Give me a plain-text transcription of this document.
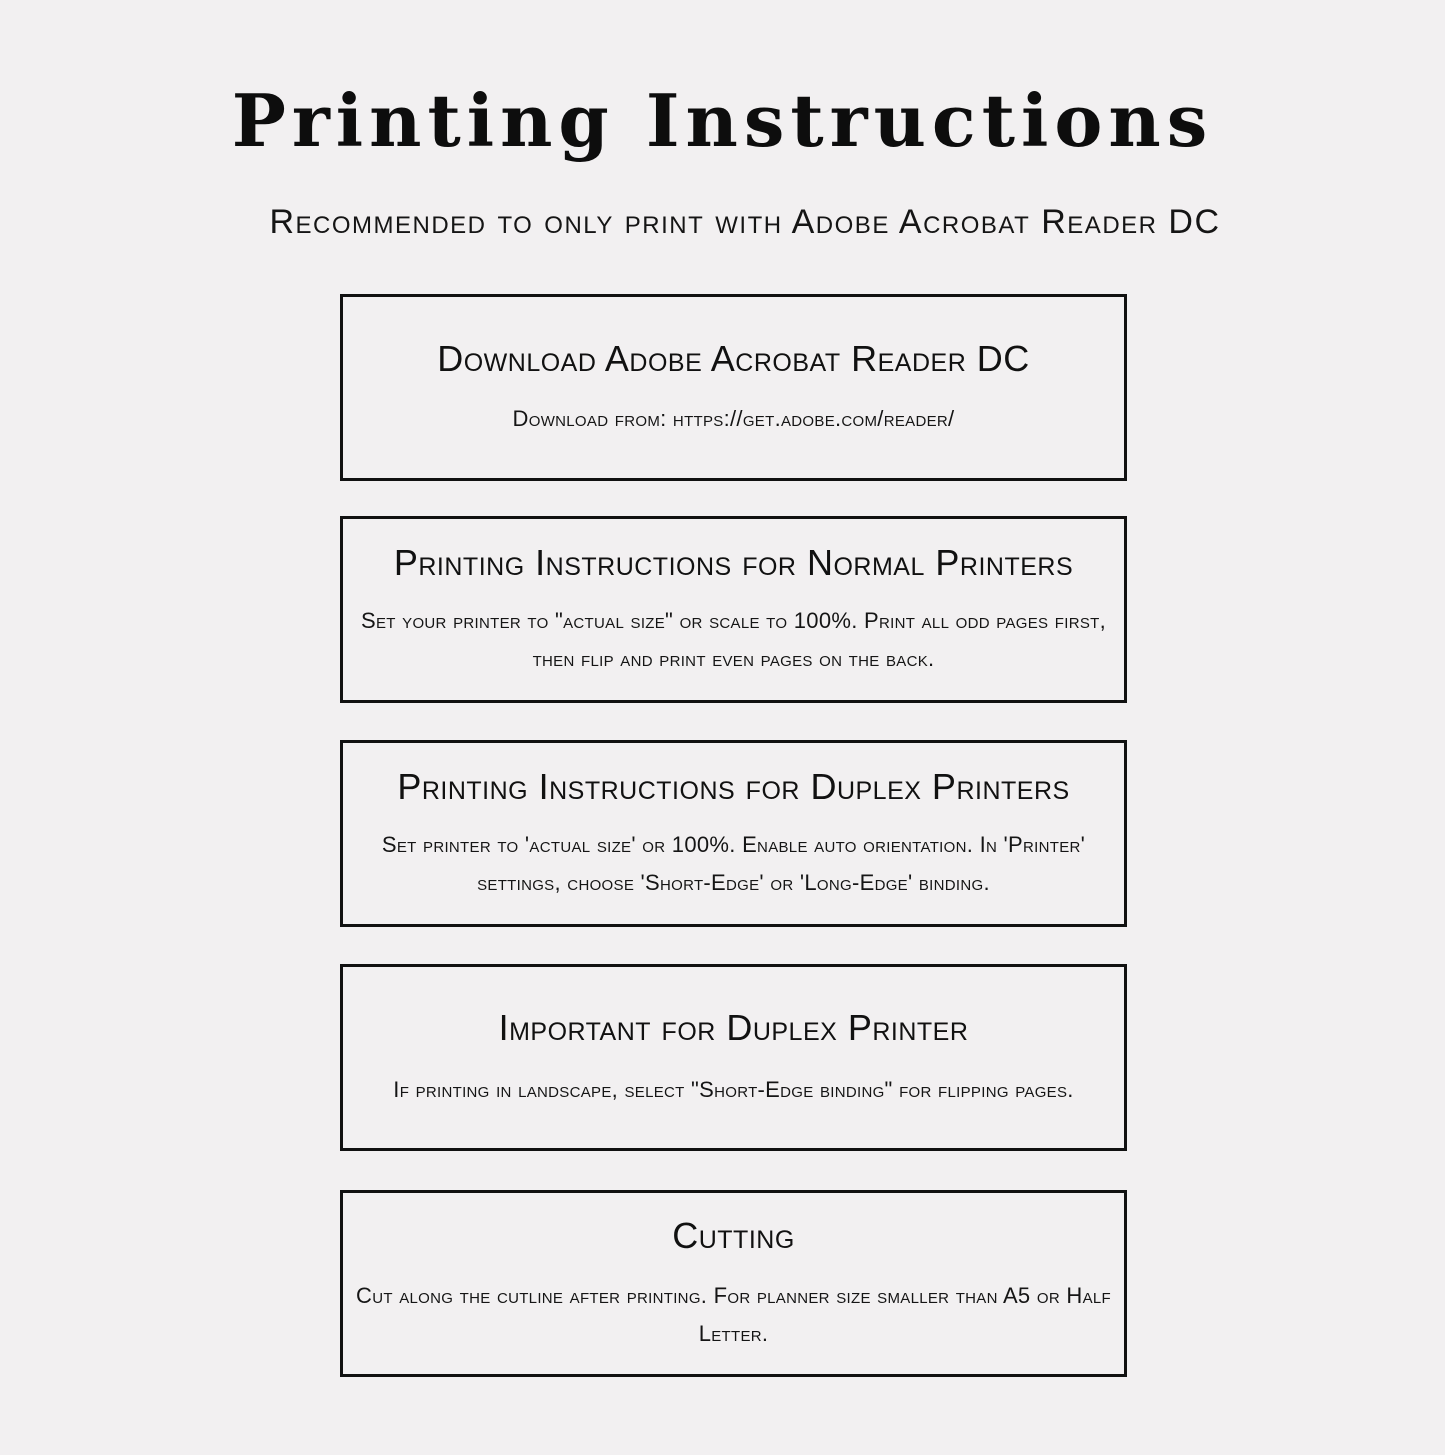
Printing Instructions

Recommended to only print with Adobe Acrobat Reader DC

Download Adobe Acrobat Reader DC

Download from: https://get.adobe.com/reader/

Printing Instructions for Normal Printers

Set your printer to "actual size" or scale to 100%. Print all odd pages first, then flip and print even pages on the back.

Printing Instructions for Duplex Printers

Set printer to 'actual size' or 100%. Enable auto orientation. In 'Printer' settings, choose 'Short-Edge' or 'Long-Edge' binding.

Important for Duplex Printer

If printing in landscape, select "Short-Edge binding" for flipping pages.

Cutting

Cut along the cutline after printing. For planner size smaller than A5 or Half Letter.
